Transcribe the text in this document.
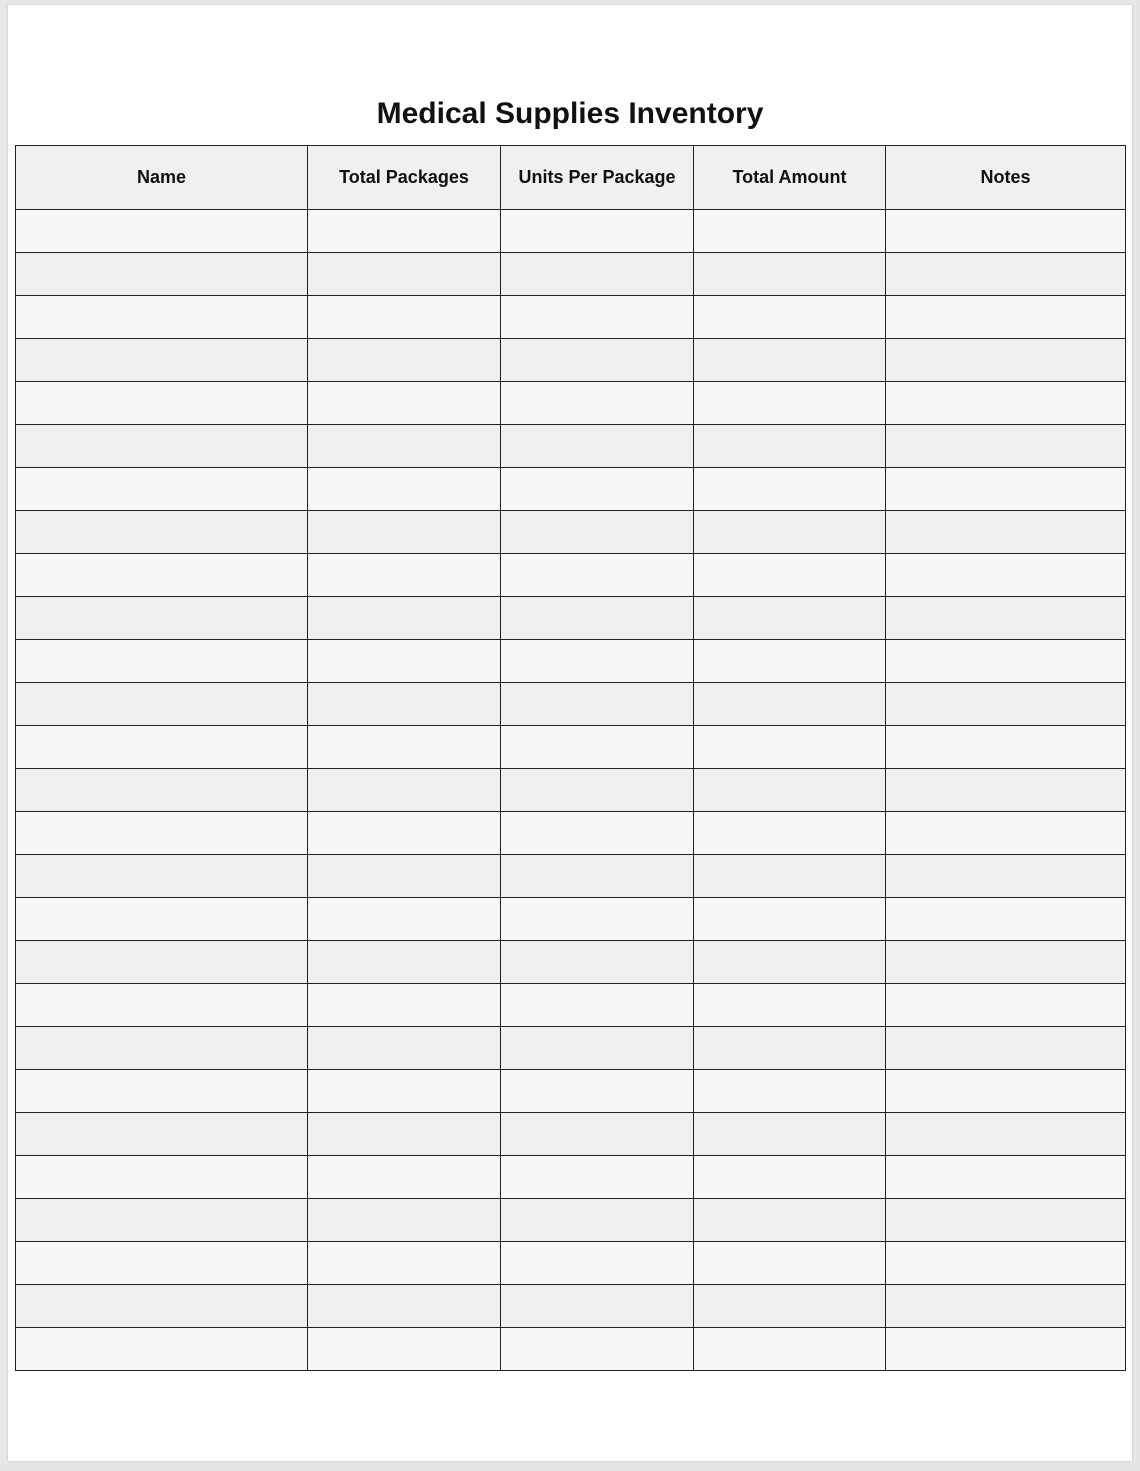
Medical Supplies Inventory
Name	Total Packages	Units Per Package	Total Amount	Notes
